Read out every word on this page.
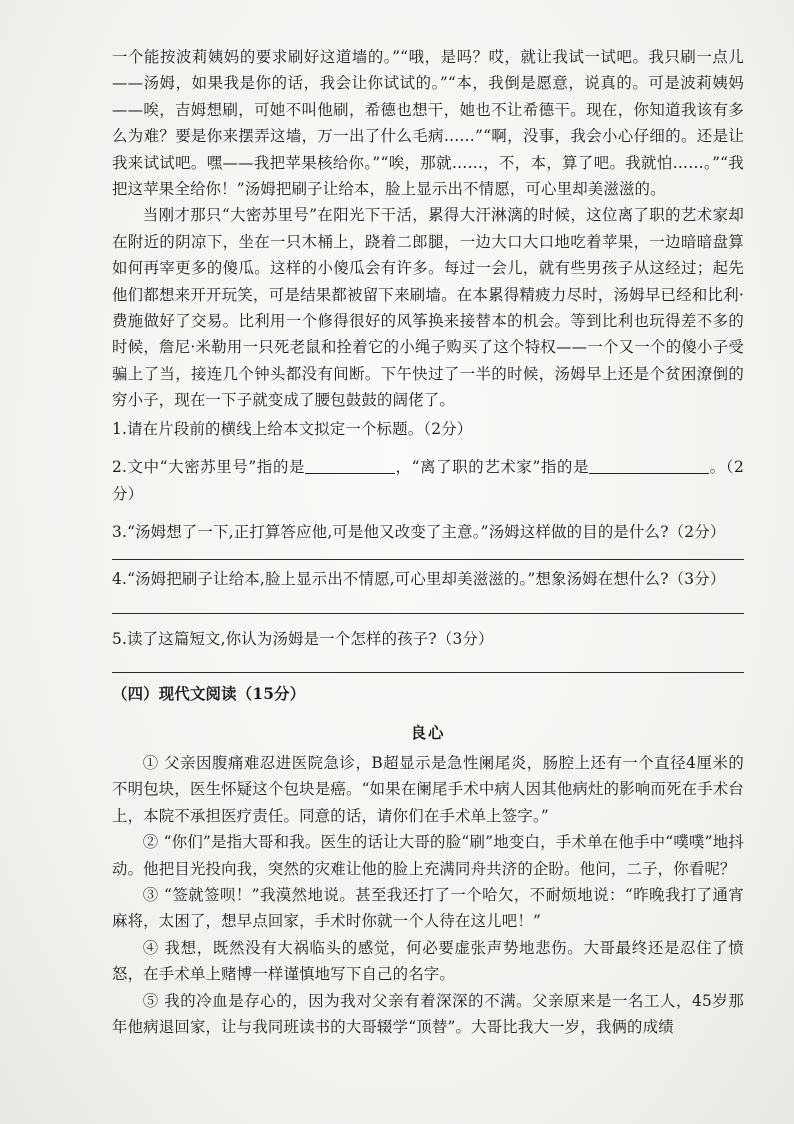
一个能按波莉姨妈的要求刷好这道墙的。”“哦，是吗？哎，就让我试一试吧。我只刷一点儿——汤姆，如果我是你的话，我会让你试试的。”“本，我倒是愿意，说真的。可是波莉姨妈——唉，吉姆想刷，可她不叫他刷，希德也想干，她也不让希德干。现在，你知道我该有多么为难？要是你来摆弄这墙，万一出了什么毛病……”“啊，没事，我会小心仔细的。还是让我来试试吧。嘿——我把苹果核给你。”“唉，那就……，不，本，算了吧。我就怕……。”“我把这苹果全给你！”汤姆把刷子让给本，脸上显示出不情愿，可心里却美滋滋的。

当刚才那只“大密苏里号”在阳光下干活，累得大汗淋漓的时候，这位离了职的艺术家却在附近的阴凉下，坐在一只木桶上，跷着二郎腿，一边大口大口地吃着苹果，一边暗暗盘算如何再宰更多的傻瓜。这样的小傻瓜会有许多。每过一会儿，就有些男孩子从这经过；起先他们都想来开开玩笑，可是结果都被留下来刷墙。在本累得精疲力尽时，汤姆早已经和比利·费施做好了交易。比利用一个修得很好的风筝换来接替本的机会。等到比利也玩得差不多的时候，詹尼·米勒用一只死老鼠和拴着它的小绳子购买了这个特权——一个又一个的傻小子受骗上了当，接连几个钟头都没有间断。下午快过了一半的时候，汤姆早上还是个贫困潦倒的穷小子，现在一下子就变成了腰包鼓鼓的阔佬了。

1.请在片段前的横线上给本文拟定一个标题。（2分）

2.文中“大密苏里号”指的是	，“离了职的艺术家”指的是	。（2分）

3.“汤姆想了一下,正打算答应他,可是他又改变了主意。”汤姆这样做的目的是什么?（2分）

4.“汤姆把刷子让给本,脸上显示出不情愿,可心里却美滋滋的。”想象汤姆在想什么?（3分）

5.读了这篇短文,你认为汤姆是一个怎样的孩子?（3分）

（四）现代文阅读（15分）

良心

① 父亲因腹痛难忍进医院急诊，B超显示是急性阑尾炎，肠腔上还有一个直径4厘米的不明包块，医生怀疑这个包块是癌。“如果在阑尾手术中病人因其他病灶的影响而死在手术台上，本院不承担医疗责任。同意的话，请你们在手术单上签字。”

② “你们”是指大哥和我。医生的话让大哥的脸“刷”地变白，手术单在他手中“噗噗”地抖动。他把目光投向我，突然的灾难让他的脸上充满同舟共济的企盼。他问，二子，你看呢？

③ “签就签呗！”我漠然地说。甚至我还打了一个哈欠，不耐烦地说：“昨晚我打了通宵麻将，太困了，想早点回家，手术时你就一个人待在这儿吧！”

④ 我想，既然没有大祸临头的感觉，何必要虚张声势地悲伤。大哥最终还是忍住了愤怒，在手术单上赌博一样谨慎地写下自己的名字。

⑤ 我的冷血是存心的，因为我对父亲有着深深的不满。父亲原来是一名工人，45岁那年他病退回家，让与我同班读书的大哥辍学“顶替”。大哥比我大一岁，我俩的成绩
